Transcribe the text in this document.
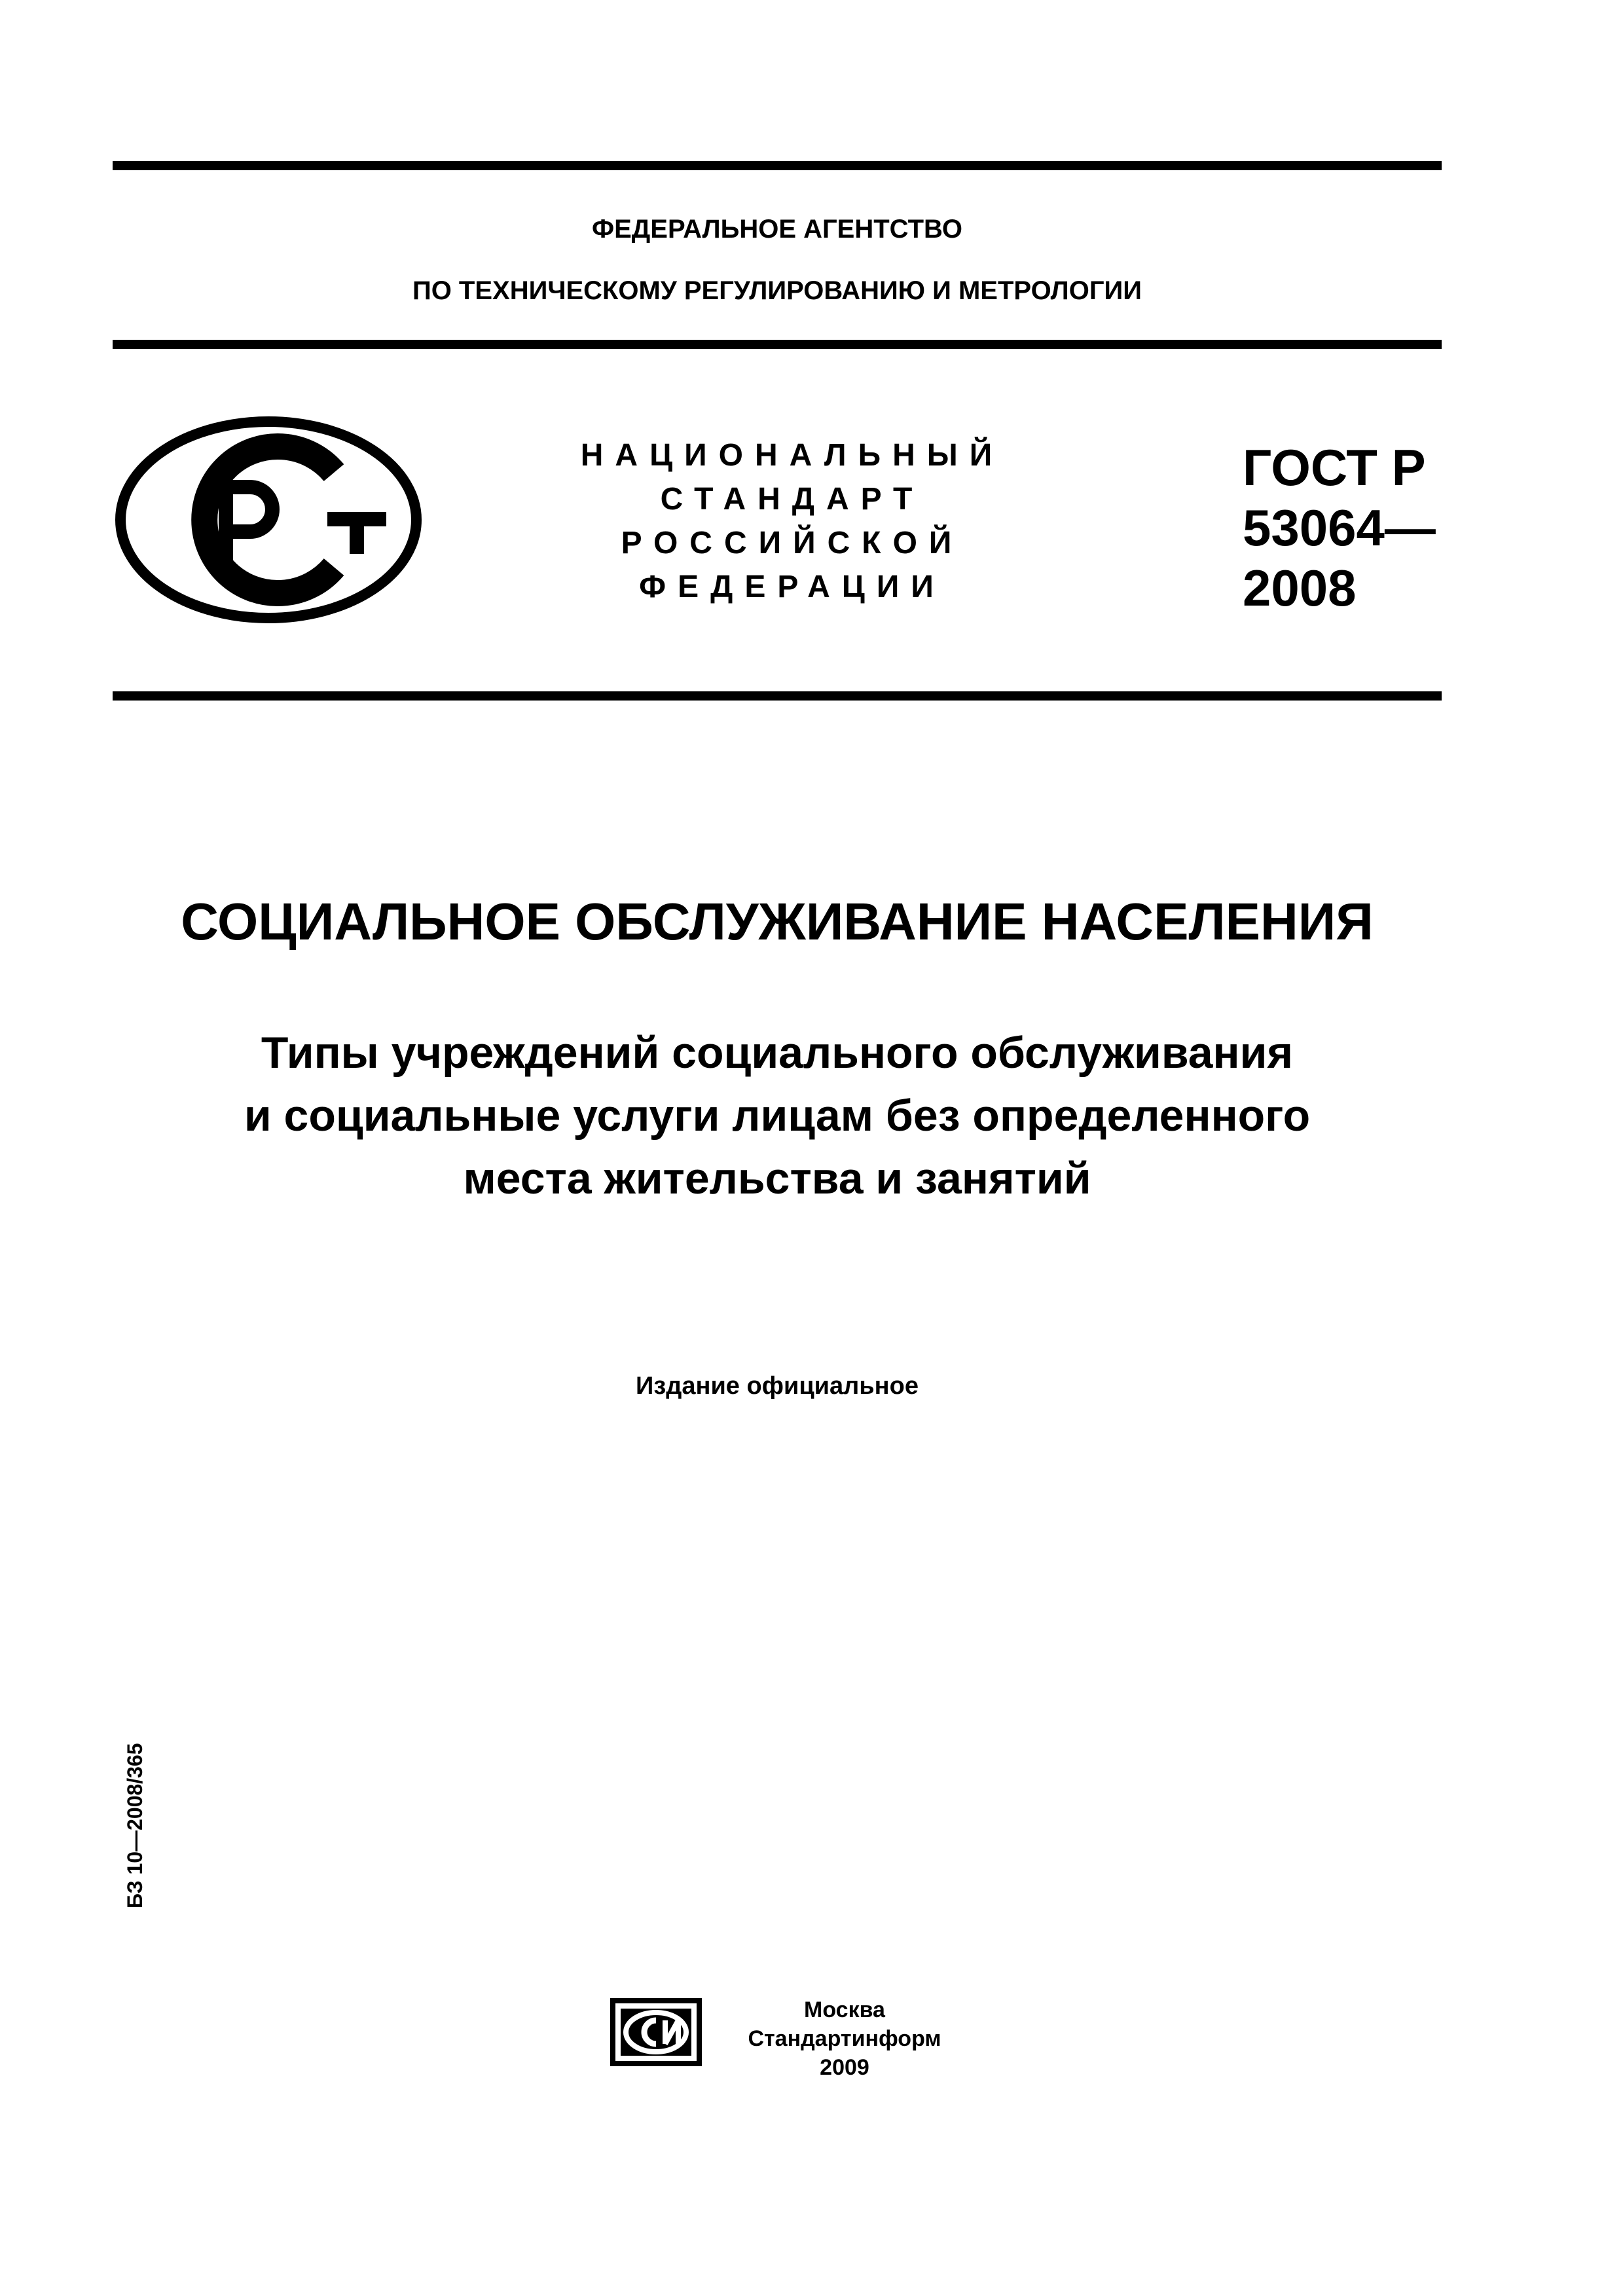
ФЕДЕРАЛЬНОЕ АГЕНТСТВО
ПО ТЕХНИЧЕСКОМУ РЕГУЛИРОВАНИЮ И МЕТРОЛОГИИ
НАЦИОНАЛЬНЫЙ
СТАНДАРТ
РОССИЙСКОЙ
ФЕДЕРАЦИИ
ГОСТ Р
53064—
2008
СОЦИАЛЬНОЕ ОБСЛУЖИВАНИЕ НАСЕЛЕНИЯ
Типы учреждений социального обслуживания
и социальные услуги лицам без определенного
места жительства и занятий
Издание официальное
БЗ 10—2008/365
Москва
Стандартинформ
2009
